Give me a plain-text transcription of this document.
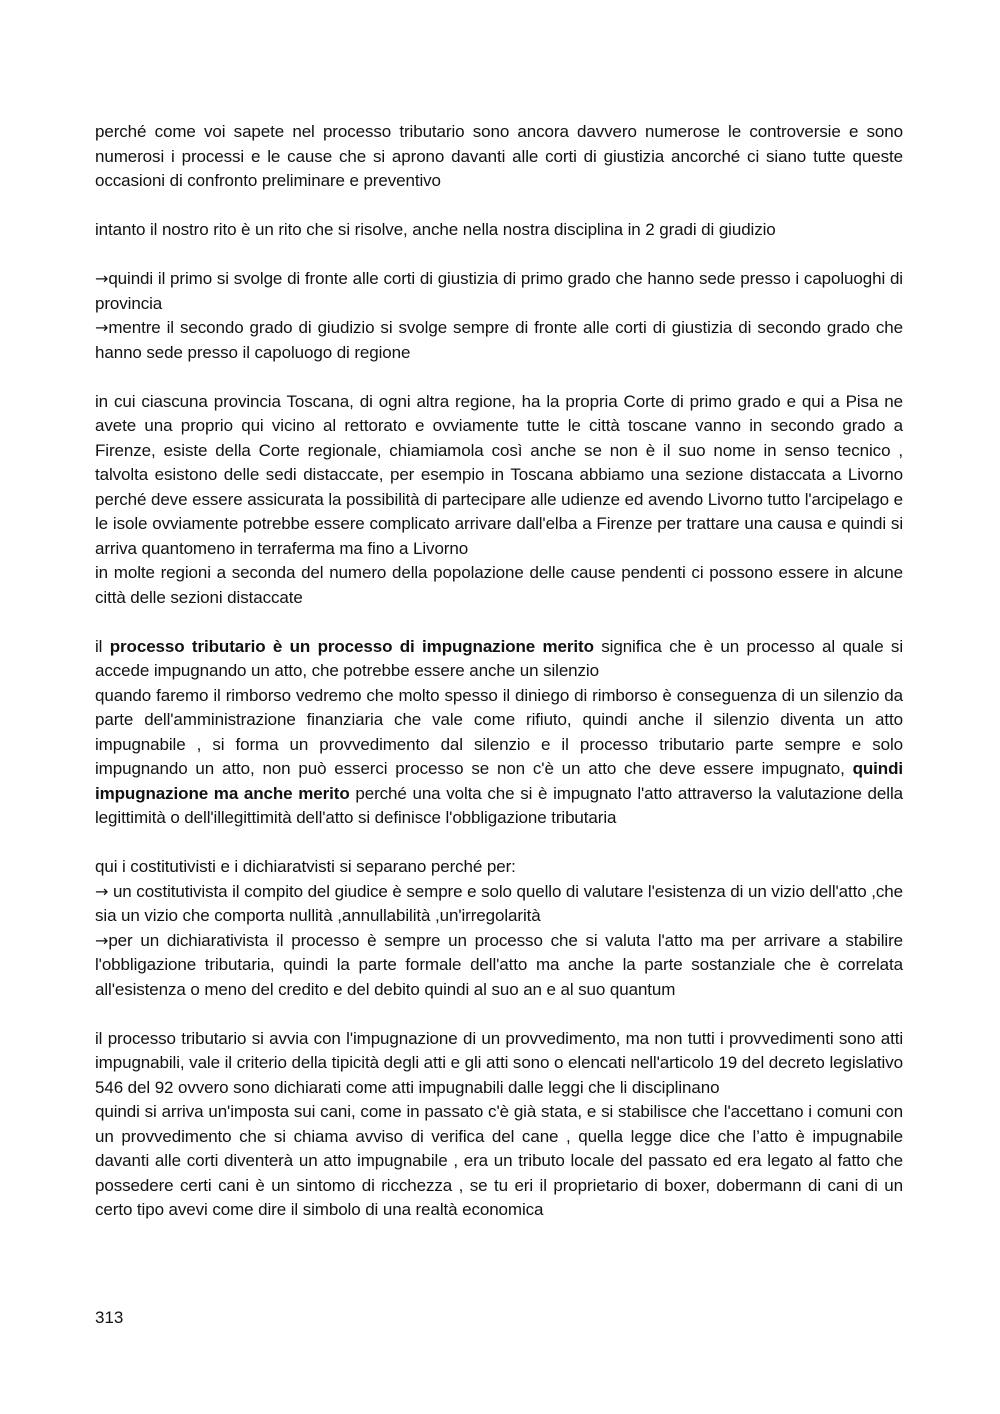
perché come voi sapete nel processo tributario sono ancora davvero numerose le controversie e sono numerosi i processi e le cause che si aprono davanti alle corti di giustizia ancorché ci siano tutte queste occasioni di confronto preliminare e preventivo

intanto il nostro rito è un rito che si risolve, anche nella nostra disciplina in 2 gradi di giudizio

→quindi il primo si svolge di fronte alle corti di giustizia di primo grado che hanno sede presso i capoluoghi di provincia

→mentre il secondo grado di giudizio si svolge sempre di fronte alle corti di giustizia di secondo grado che hanno sede presso il capoluogo di regione

in cui ciascuna provincia Toscana, di ogni altra regione, ha la propria Corte di primo grado e qui a Pisa ne avete una proprio qui vicino al rettorato e ovviamente tutte le città toscane vanno in secondo grado a Firenze, esiste della Corte regionale, chiamiamola così anche se non è il suo nome in senso tecnico , talvolta esistono delle sedi distaccate, per esempio in Toscana abbiamo una sezione distaccata a Livorno perché deve essere assicurata la possibilità di partecipare alle udienze ed avendo Livorno tutto l'arcipelago e le isole ovviamente potrebbe essere complicato arrivare dall'elba a Firenze per trattare una causa e quindi si arriva quantomeno in terraferma ma fino a Livorno

in molte regioni a seconda del numero della popolazione delle cause pendenti ci possono essere in alcune città delle sezioni distaccate

il processo tributario è un processo di impugnazione merito significa che è un processo al quale si accede impugnando un atto, che potrebbe essere anche un silenzio

quando faremo il rimborso vedremo che molto spesso il diniego di rimborso è conseguenza di un silenzio da parte dell'amministrazione finanziaria che vale come rifiuto, quindi anche il silenzio diventa un atto impugnabile , si forma un provvedimento dal silenzio e il processo tributario parte sempre e solo impugnando un atto, non può esserci processo se non c'è un atto che deve essere impugnato, quindi impugnazione ma anche merito perché una volta che si è impugnato l'atto attraverso la valutazione della legittimità o dell'illegittimità dell'atto si definisce l'obbligazione tributaria

qui i costitutivisti e i dichiaratvisti si separano perché per:

→ un costitutivista il compito del giudice è sempre e solo quello di valutare l'esistenza di un vizio dell'atto ,che sia un vizio che comporta nullità ,annullabilità ,un'irregolarità

→per un dichiarativista il processo è sempre un processo che si valuta l'atto ma per arrivare a stabilire l'obbligazione tributaria, quindi la parte formale dell'atto ma anche la parte sostanziale che è correlata all'esistenza o meno del credito e del debito quindi al suo an e al suo quantum

il processo tributario si avvia con l'impugnazione di un provvedimento, ma non tutti i provvedimenti sono atti impugnabili, vale il criterio della tipicità degli atti e gli atti sono o elencati nell'articolo 19 del decreto legislativo 546 del 92 ovvero sono dichiarati come atti impugnabili dalle leggi che li disciplinano

quindi si arriva un'imposta sui cani, come in passato c'è già stata, e si stabilisce che l'accettano i comuni con un provvedimento che si chiama avviso di verifica del cane , quella legge dice che l’atto è impugnabile davanti alle corti diventerà un atto impugnabile , era un tributo locale del passato ed era legato al fatto che possedere certi cani è un sintomo di ricchezza , se tu eri il proprietario di boxer, dobermann di cani di un certo tipo avevi come dire il simbolo di una realtà economica

313
